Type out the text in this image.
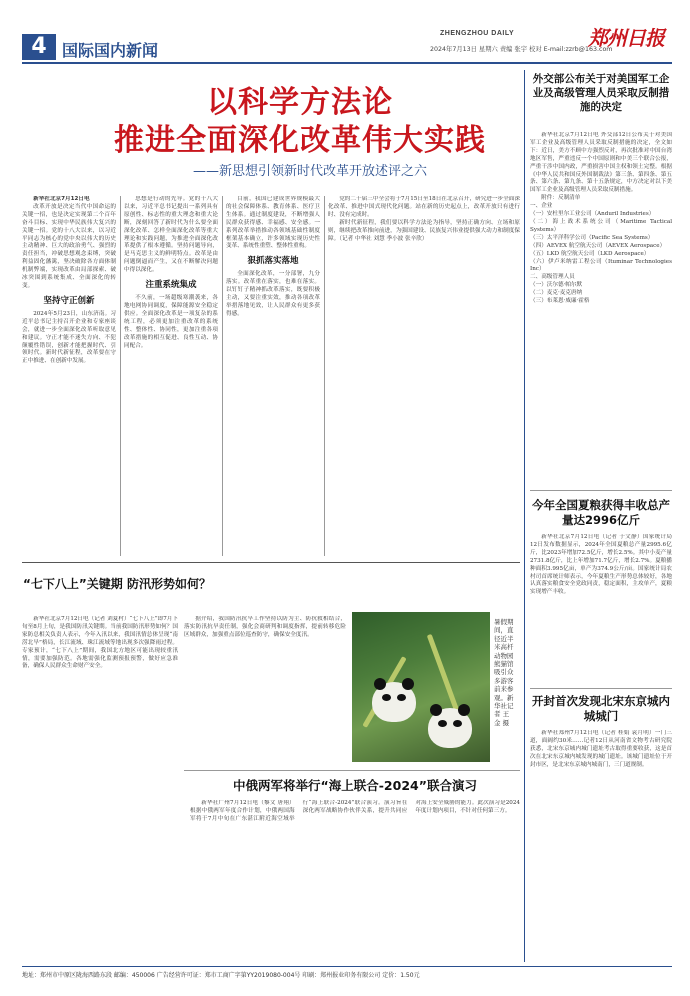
4 国际国内新闻
ZHENGZHOU DAILY	郑州日报
2024年7月13日 星期六 责编 张宇 校对 E-mail:zzrb@163.com
以科学方法论
推进全面深化改革伟大实践
——新思想引领新时代改革开放述评之六

新华社北京7月12日电

改革开放是决定当代中国命运的关键一招，也是决定实现第二个百年奋斗目标、实现中华民族伟大复兴的关键一招。党的十八大以来，以习近平同志为核心的党中央以伟大的历史主动精神、巨大的政治勇气、强烈的责任担当，冲破思想观念束缚，突破利益固化藩篱，坚决破除各方面体制机制弊端，实现改革由局部探索、破冰突围到系统集成、全面深化的转变。

坚持守正创新

2024年5月23日，山东济南。习近平总书记主持召开企业和专家座谈会，就进一步全面深化改革听取意见和建议。守正才能不迷失方向、不犯颠覆性错误，创新才能把握时代、引领时代。新时代新征程，改革要在守正中推进、在创新中发展。

思想是行动的先导。党的十八大以来，习近平总书记提出一系列具有原创性、标志性的重大理念和重大论断，深刻回答了新时代为什么要全面深化改革、怎样全面深化改革等重大理论和实践问题，为推进全面深化改革提供了根本遵循。坚持问题导向，是马克思主义的鲜明特点。改革是由问题倒逼而产生，又在不断解决问题中得以深化。

注重系统集成

不久前，一场超级寒潮袭来，各地电网协同调度，保障能源安全稳定供应。全面深化改革是一项复杂的系统工程，必须更加注重改革的系统性、整体性、协同性，更加注重各项改革措施的相互促进、良性互动、协同配合。

目前，我国已建成世界规模最大的社会保障体系、教育体系、医疗卫生体系。通过制度建设，不断增强人民群众获得感、幸福感、安全感。一系列改革举措推动各领域基础性制度框架基本确立，许多领域实现历史性变革、系统性重塑、整体性重构。

狠抓落实落地

全面深化改革，一分部署，九分落实。改革重在落实，也难在落实。以钉钉子精神抓改革落实，既要积极主动，又要注重实效，推动各项改革举措落地见效，让人民群众有更多获得感。

党的二十届三中全会将于7月15日至18日在北京召开，研究进一步全面深化改革、推进中国式现代化问题。站在新的历史起点上，改革开放只有进行时、没有完成时。

新时代新征程，我们要以科学方法论为指导，坚持正确方向、立场和原则，继续把改革推向前进，为强国建设、民族复兴伟业提供强大动力和制度保障。（记者 中华社 刘慧 季小波 张辛欣）

外交部公布关于对美国军工企业及高级管理人员采取反制措施的决定

新华社北京7月12日电 外交部12日公布关于对美国军工企业及高级管理人员采取反制措施的决定，全文如下：近日，美方不顾中方强烈反对，再次批准对中国台湾地区军售，严重违反一个中国原则和中美三个联合公报，严重干涉中国内政，严重损害中国主权和领土完整。根据《中华人民共和国反外国制裁法》第三条、第四条、第五条、第六条、第九条、第十五条规定，中方决定对以下美国军工企业及高级管理人员采取反制措施。

附件：反制清单

一、企业
（一）安杜里尔工业公司（Anduril Industries）
（二）海上战术系统公司（Maritime Tactical Systems）
（三）太平洋科学公司（Pacific Sea Systems）
（四）AEVEX 航空航天公司（AEVEX Aerospace）
（五）LKD 航空航天公司（LKD Aerospace）
（六）伊卢米纳雷工程公司（Ituminar Technologies Inc）
二、高级管理人员
（一）沃尔德·帕尔默
（二）麦克·麦克唐纳
（三）布莱恩·威廉·霍格
今年全国夏粮获得丰收总产量达2996亿斤

新华社北京7月12日电（记者 于文静）国家统计局12日发布数据显示，2024年全国夏粮总产量2995.6亿斤，比2023年增加72.5亿斤，增长2.5%。其中小麦产量2731.8亿斤，比上年增加71.7亿斤，增长2.7%。夏粮播种面积3.995亿亩，单产为374.9公斤/亩。国家统计局农村司首席统计师表示，今年夏粮生产形势总体较好，各地认真落实粮食安全党政同责，稳定面积，主攻单产，夏粮实现增产丰收。

开封首次发现北宋东京城内城城门

新华社郑州7月12日电（记者 桂娟 袁月明）一门三道，面阔约30米……记者12日从河南省文物考古研究院获悉，北宋东京城内城门遗址考古取得重要收获，这是首次在北宋东京城内城发现的城门遗址。该城门遗址位于开封市区，是北宋东京城内城南门，三门道规制。

“七下八上”关键期 防汛形势如何？

新华社北京7月12日电（记者 刘夏村）“七下八上”即7月下旬至8月上旬，是我国防汛关键期。当前我国防汛形势如何？国家防总相关负责人表示，今年入汛以来，我国汛情总体呈现“南涝北旱”格局，长江流域、珠江流域等地出现多次强降雨过程。专家预计，“七下八上”期间，我国北方地区可能出现较重汛情，需要加强防范。各地需强化监测预报预警，做好应急准备，确保人民群众生命财产安全。

据介绍，我国防汛抗旱工作坚持以防为主、防抗救相结合，落实防汛抗旱责任制，强化会商研判和调度指挥，提前转移危险区域群众，加强重点部位巡查防守，确保安全度汛。

暑假期间，直径近半米高杆动物园熊猫馆吸引众多游客前来参观。新华社记者 王金 摄
中俄两军将举行“海上联合-2024”联合演习

新华社广州7月12日电（黎文 唐翔）根据中俄两军年度合作计划，中俄两国海军将于7月中旬在广东湛江附近海空域举行“海上联合-2024”联合演习。演习旨在深化两军战略协作伙伴关系，提升共同应对海上安全威胁的能力。此次演习是2024年度计划内项目，不针对任何第三方。

地址：郑州市中原区陇海西路东段 邮编：450006 广告经营许可证：郑市工商广字第YY2019080-004号 印刷：郑州报业印务有限公司 定价：1.50元
